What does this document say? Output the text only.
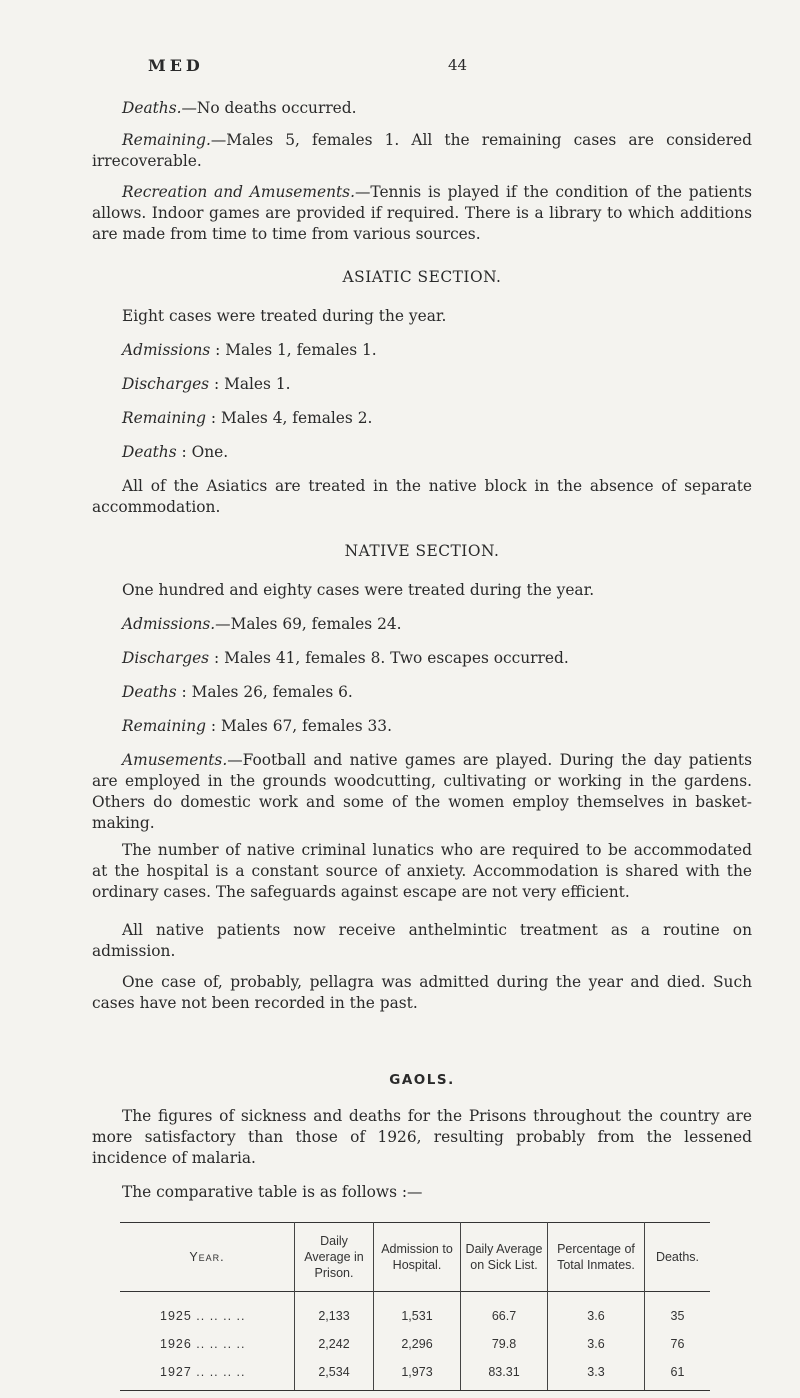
MED	44

Deaths.—No deaths occurred.

Remaining.—Males 5, females 1. All the remaining cases are considered irrecoverable.

Recreation and Amusements.—Tennis is played if the condition of the patients allows. Indoor games are provided if required. There is a library to which additions are made from time to time from various sources.

ASIATIC SECTION.

Eight cases were treated during the year.

Admissions : Males 1, females 1.

Discharges : Males 1.

Remaining : Males 4, females 2.

Deaths : One.

All of the Asiatics are treated in the native block in the absence of separate accommodation.

NATIVE SECTION.

One hundred and eighty cases were treated during the year.

Admissions.—Males 69, females 24.

Discharges : Males 41, females 8. Two escapes occurred.

Deaths : Males 26, females 6.

Remaining : Males 67, females 33.

Amusements.—Football and native games are played. During the day patients are employed in the grounds woodcutting, cultivating or working in the gardens. Others do domestic work and some of the women employ themselves in basket-making.

The number of native criminal lunatics who are required to be accommodated at the hospital is a constant source of anxiety. Accommodation is shared with the ordinary cases. The safeguards against escape are not very efficient.

All native patients now receive anthelmintic treatment as a routine on admission.

One case of, probably, pellagra was admitted during the year and died. Such cases have not been recorded in the past.

GAOLS.

The figures of sickness and deaths for the Prisons throughout the country are more satisfactory than those of 1926, resulting probably from the lessened incidence of malaria.

The comparative table is as follows :—

Year.	Daily Average in Prison.	Admission to Hospital.	Daily Average on Sick List.	Percentage of Total Inmates.	Deaths.
1925 .. .. .. ..	2,133	1,531	66.7	3.6	35
1926 .. .. .. ..	2,242	2,296	79.8	3.6	76
1927 .. .. .. ..	2,534	1,973	83.31	3.3	61
